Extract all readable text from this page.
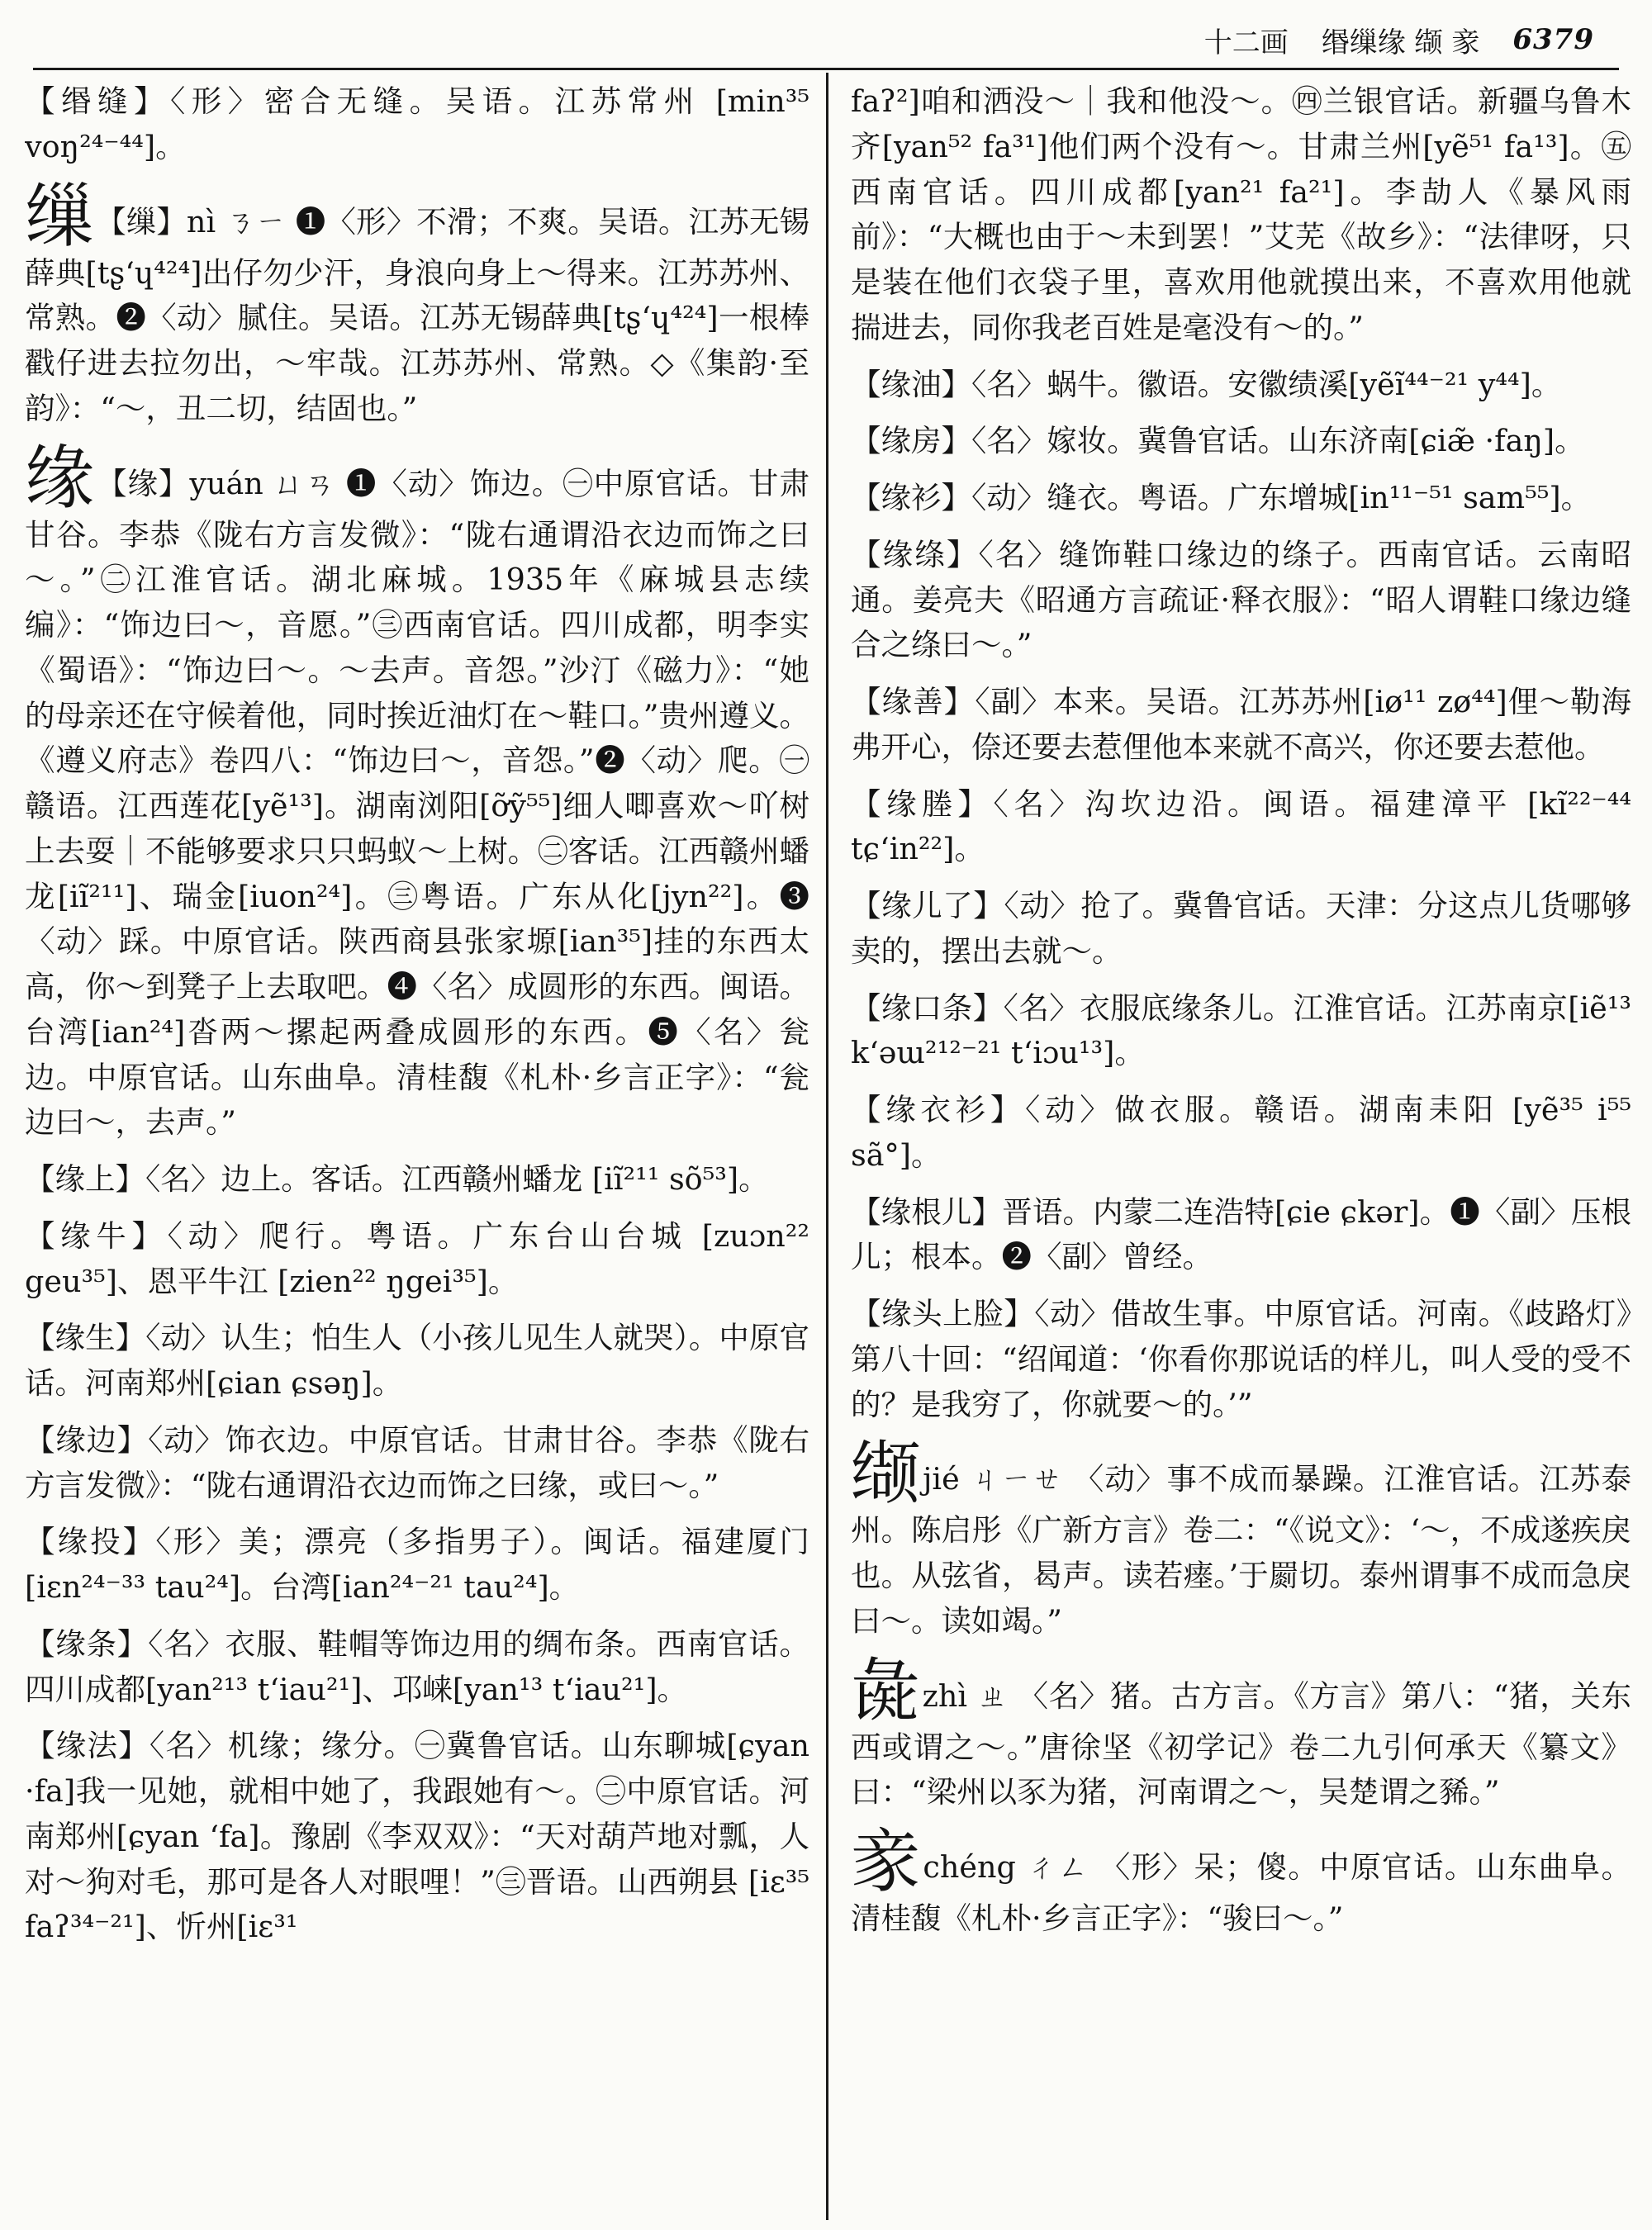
十二画 缗缫缘 缬 豙 6379

【缗缝】〈形〉密合无缝。吴语。江苏常州 [min³⁵ voŋ²⁴⁻⁴⁴]。

缫【缫】nì ㄋㄧ ❶〈形〉不滑；不爽。吴语。江苏无锡薛典[tʂʻɥ⁴²⁴]出仔勿少汗，身浪向身上～得来。江苏苏州、常熟。❷〈动〉腻住。吴语。江苏无锡薛典[tʂʻɥ⁴²⁴]一根棒戳仔进去拉勿出，～牢哉。江苏苏州、常熟。◇《集韵·至韵》：“～，丑二切，结固也。”

缘【缘】yuán ㄩㄢ ❶〈动〉饰边。㊀中原官话。甘肃甘谷。李恭《陇右方言发微》：“陇右通谓沿衣边而饰之曰～。”㊁江淮官话。湖北麻城。1935年《麻城县志续编》：“饰边曰～，音愿。”㊂西南官话。四川成都，明李实《蜀语》：“饰边曰～。～去声。音怨。”沙汀《磁力》：“她的母亲还在守候着他，同时挨近油灯在～鞋口。”贵州遵义。《遵义府志》卷四八：“饰边曰～，音怨。”❷〈动〉爬。㊀赣语。江西莲花[yẽ¹³]。湖南浏阳[ỡỹ⁵⁵]细人唧喜欢～吖树上去耍｜不能够要求只只蚂蚁～上树。㊁客话。江西赣州蟠龙[iĩ²¹¹]、瑞金[iuon²⁴]。㊂粤语。广东从化[jyn²²]。❸〈动〉踩。中原官话。陕西商县张家塬[ian³⁵]挂的东西太高，你～到凳子上去取吧。❹〈名〉成圆形的东西。闽语。台湾[ian²⁴]沓两～摞起两叠成圆形的东西。❺〈名〉瓮边。中原官话。山东曲阜。清桂馥《札朴·乡言正字》：“瓮边曰～，去声。”

【缘上】〈名〉边上。客话。江西赣州蟠龙 [iĩ²¹¹ sõ⁵³]。

【缘牛】〈动〉爬行。粤语。广东台山台城 [zuɔn²² geu³⁵]、恩平牛江 [zien²² ŋgei³⁵]。

【缘生】〈动〉认生；怕生人（小孩儿见生人就哭）。中原官话。河南郑州[ɕian ɕsəŋ]。

【缘边】〈动〉饰衣边。中原官话。甘肃甘谷。李恭《陇右方言发微》：“陇右通谓沿衣边而饰之曰缘，或曰～。”

【缘投】〈形〉美；漂亮（多指男子）。闽话。福建厦门[iɛn²⁴⁻³³ tau²⁴]。台湾[ian²⁴⁻²¹ tau²⁴]。

【缘条】〈名〉衣服、鞋帽等饰边用的绸布条。西南官话。四川成都[yan²¹³ tʻiau²¹]、邛崃[yan¹³ tʻiau²¹]。

【缘法】〈名〉机缘；缘分。㊀冀鲁官话。山东聊城[ɕyan ·fa]我一见她，就相中她了，我跟她有～。㊁中原官话。河南郑州[ɕyan ʻfa]。豫剧《李双双》：“天对葫芦地对瓢，人对～狗对毛，那可是各人对眼哩！”㊂晋语。山西朔县 [iɛ³⁵ faʔ³⁴⁻²¹]、忻州[iɛ³¹

faʔ²]咱和洒没～｜我和他没～。㊃兰银官话。新疆乌鲁木齐[yan⁵² fa³¹]他们两个没有～。甘肃兰州[yẽ⁵¹ fa¹³]。㊄西南官话。四川成都[yan²¹ fa²¹]。李劼人《暴风雨前》：“大概也由于～未到罢！”艾芜《故乡》：“法律呀，只是装在他们衣袋子里，喜欢用他就摸出来，不喜欢用他就揣进去，同你我老百姓是毫没有～的。”

【缘油】〈名〉蜗牛。徽语。安徽绩溪[yẽĩ⁴⁴⁻²¹ y⁴⁴]。

【缘房】〈名〉嫁妆。冀鲁官话。山东济南[ɕiæ̃ ·faŋ]。

【缘衫】〈动〉缝衣。粤语。广东增城[in¹¹⁻⁵¹ sam⁵⁵]。

【缘绦】〈名〉缝饰鞋口缘边的绦子。西南官话。云南昭通。姜亮夫《昭通方言疏证·释衣服》：“昭人谓鞋口缘边缝合之绦曰～。”

【缘善】〈副〉本来。吴语。江苏苏州[iø¹¹ zø⁴⁴]俚～勒海弗开心，倷还要去惹俚他本来就不高兴，你还要去惹他。

【缘塍】〈名〉沟坎边沿。闽语。福建漳平 [kĩ²²⁻⁴⁴ tɕʻin²²]。

【缘儿了】〈动〉抢了。冀鲁官话。天津：分这点儿货哪够卖的，摆出去就～。

【缘口条】〈名〉衣服底缘条儿。江淮官话。江苏南京[iẽ¹³ kʻəɯ²¹²⁻²¹ tʻiɔu¹³]。

【缘衣衫】〈动〉做衣服。赣语。湖南耒阳 [yẽ³⁵ i⁵⁵ sã°]。

【缘根儿】晋语。内蒙二连浩特[ɕie ɕkər]。❶〈副〉压根儿；根本。❷〈副〉曾经。

【缘头上脸】〈动〉借故生事。中原官话。河南。《歧路灯》第八十回：“绍闻道：‘你看你那说话的样儿，叫人受的受不的？是我穷了，你就要～的。’”

缬jié ㄐㄧㄝ 〈动〉事不成而暴躁。江淮官话。江苏泰州。陈启彤《广新方言》卷二：“《说文》：‘～，不成遂疾戾也。从弦省，曷声。读若瘗。’于罽切。泰州谓事不成而急戾曰～。读如竭。”

彘zhì ㄓ 〈名〉猪。古方言。《方言》第八：“猪，关东西或谓之～。”唐徐坚《初学记》卷二九引何承天《纂文》曰：“梁州以豕为猪，河南谓之～，吴楚谓之豨。”

豙chéng ㄔㄥ 〈形〉呆；傻。中原官话。山东曲阜。清桂馥《札朴·乡言正字》：“骏曰～。”
